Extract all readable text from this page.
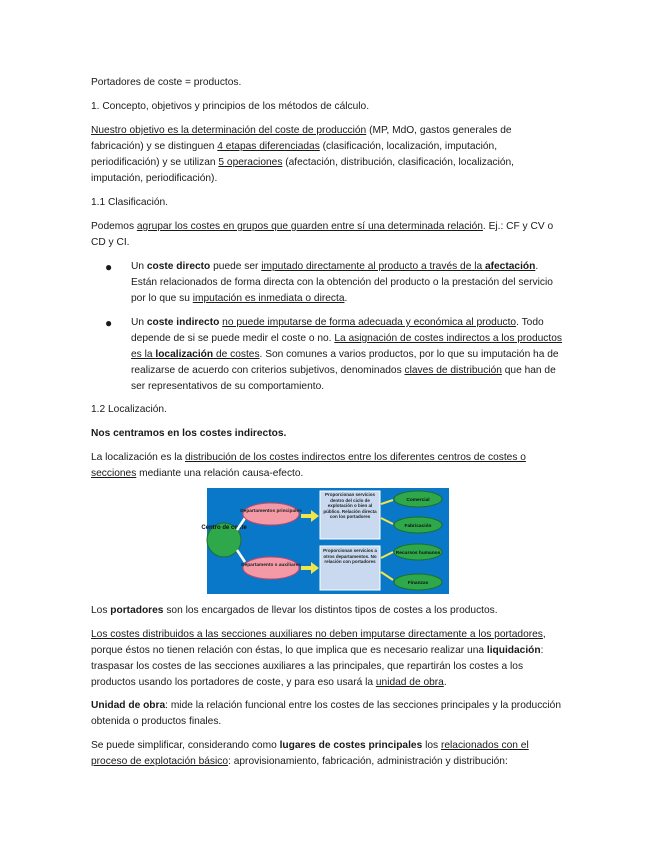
Portadores de coste = productos.

1. Concepto, objetivos y principios de los métodos de cálculo.

Nuestro objetivo es la determinación del coste de producción (MP, MdO, gastos generales de fabricación) y se distinguen 4 etapas diferenciadas (clasificación, localización, imputación, periodificación) y se utilizan 5 operaciones (afectación, distribución, clasificación, localización, imputación, periodificación).

1.1 Clasificación.

Podemos agrupar los costes en grupos que guarden entre sí una determinada relación. Ej.: CF y CV o CD y CI.

● Un coste directo puede ser imputado directamente al producto a través de la afectación. Están relacionados de forma directa con la obtención del producto o la prestación del servicio por lo que su imputación es inmediata o directa.

● Un coste indirecto no puede imputarse de forma adecuada y económica al producto. Todo depende de si se puede medir el coste o no. La asignación de costes indirectos a los productos es la localización de costes. Son comunes a varios productos, por lo que su imputación ha de realizarse de acuerdo con criterios subjetivos, denominados claves de distribución que han de ser representativos de su comportamiento.

1.2 Localización.

Nos centramos en los costes indirectos.

La localización es la distribución de los costes indirectos entre los diferentes centros de costes o secciones mediante una relación causa-efecto.

Los portadores son los encargados de llevar los distintos tipos de costes a los productos.

Los costes distribuidos a las secciones auxiliares no deben imputarse directamente a los portadores, porque éstos no tienen relación con éstas, lo que implica que es necesario realizar una liquidación: traspasar los costes de las secciones auxiliares a las principales, que repartirán los costes a los productos usando los portadores de coste, y para eso usará la unidad de obra.

Unidad de obra: mide la relación funcional entre los costes de las secciones principales y la producción obtenida o productos finales.

Se puede simplificar, considerando como lugares de costes principales los relacionados con el proceso de explotación básico: aprovisionamiento, fabricación, administración y distribución:

Centro de coste
Departamentos principales
Departamento s auxiliares
Proporcionan servicios dentro del ciclo de explotación o bien al público. Relación directa con los portadores
Proporcionan servicios a otros departamentos. No relación con portadores
Comercial
Fabricación
Recursos humanos
Finanzas
